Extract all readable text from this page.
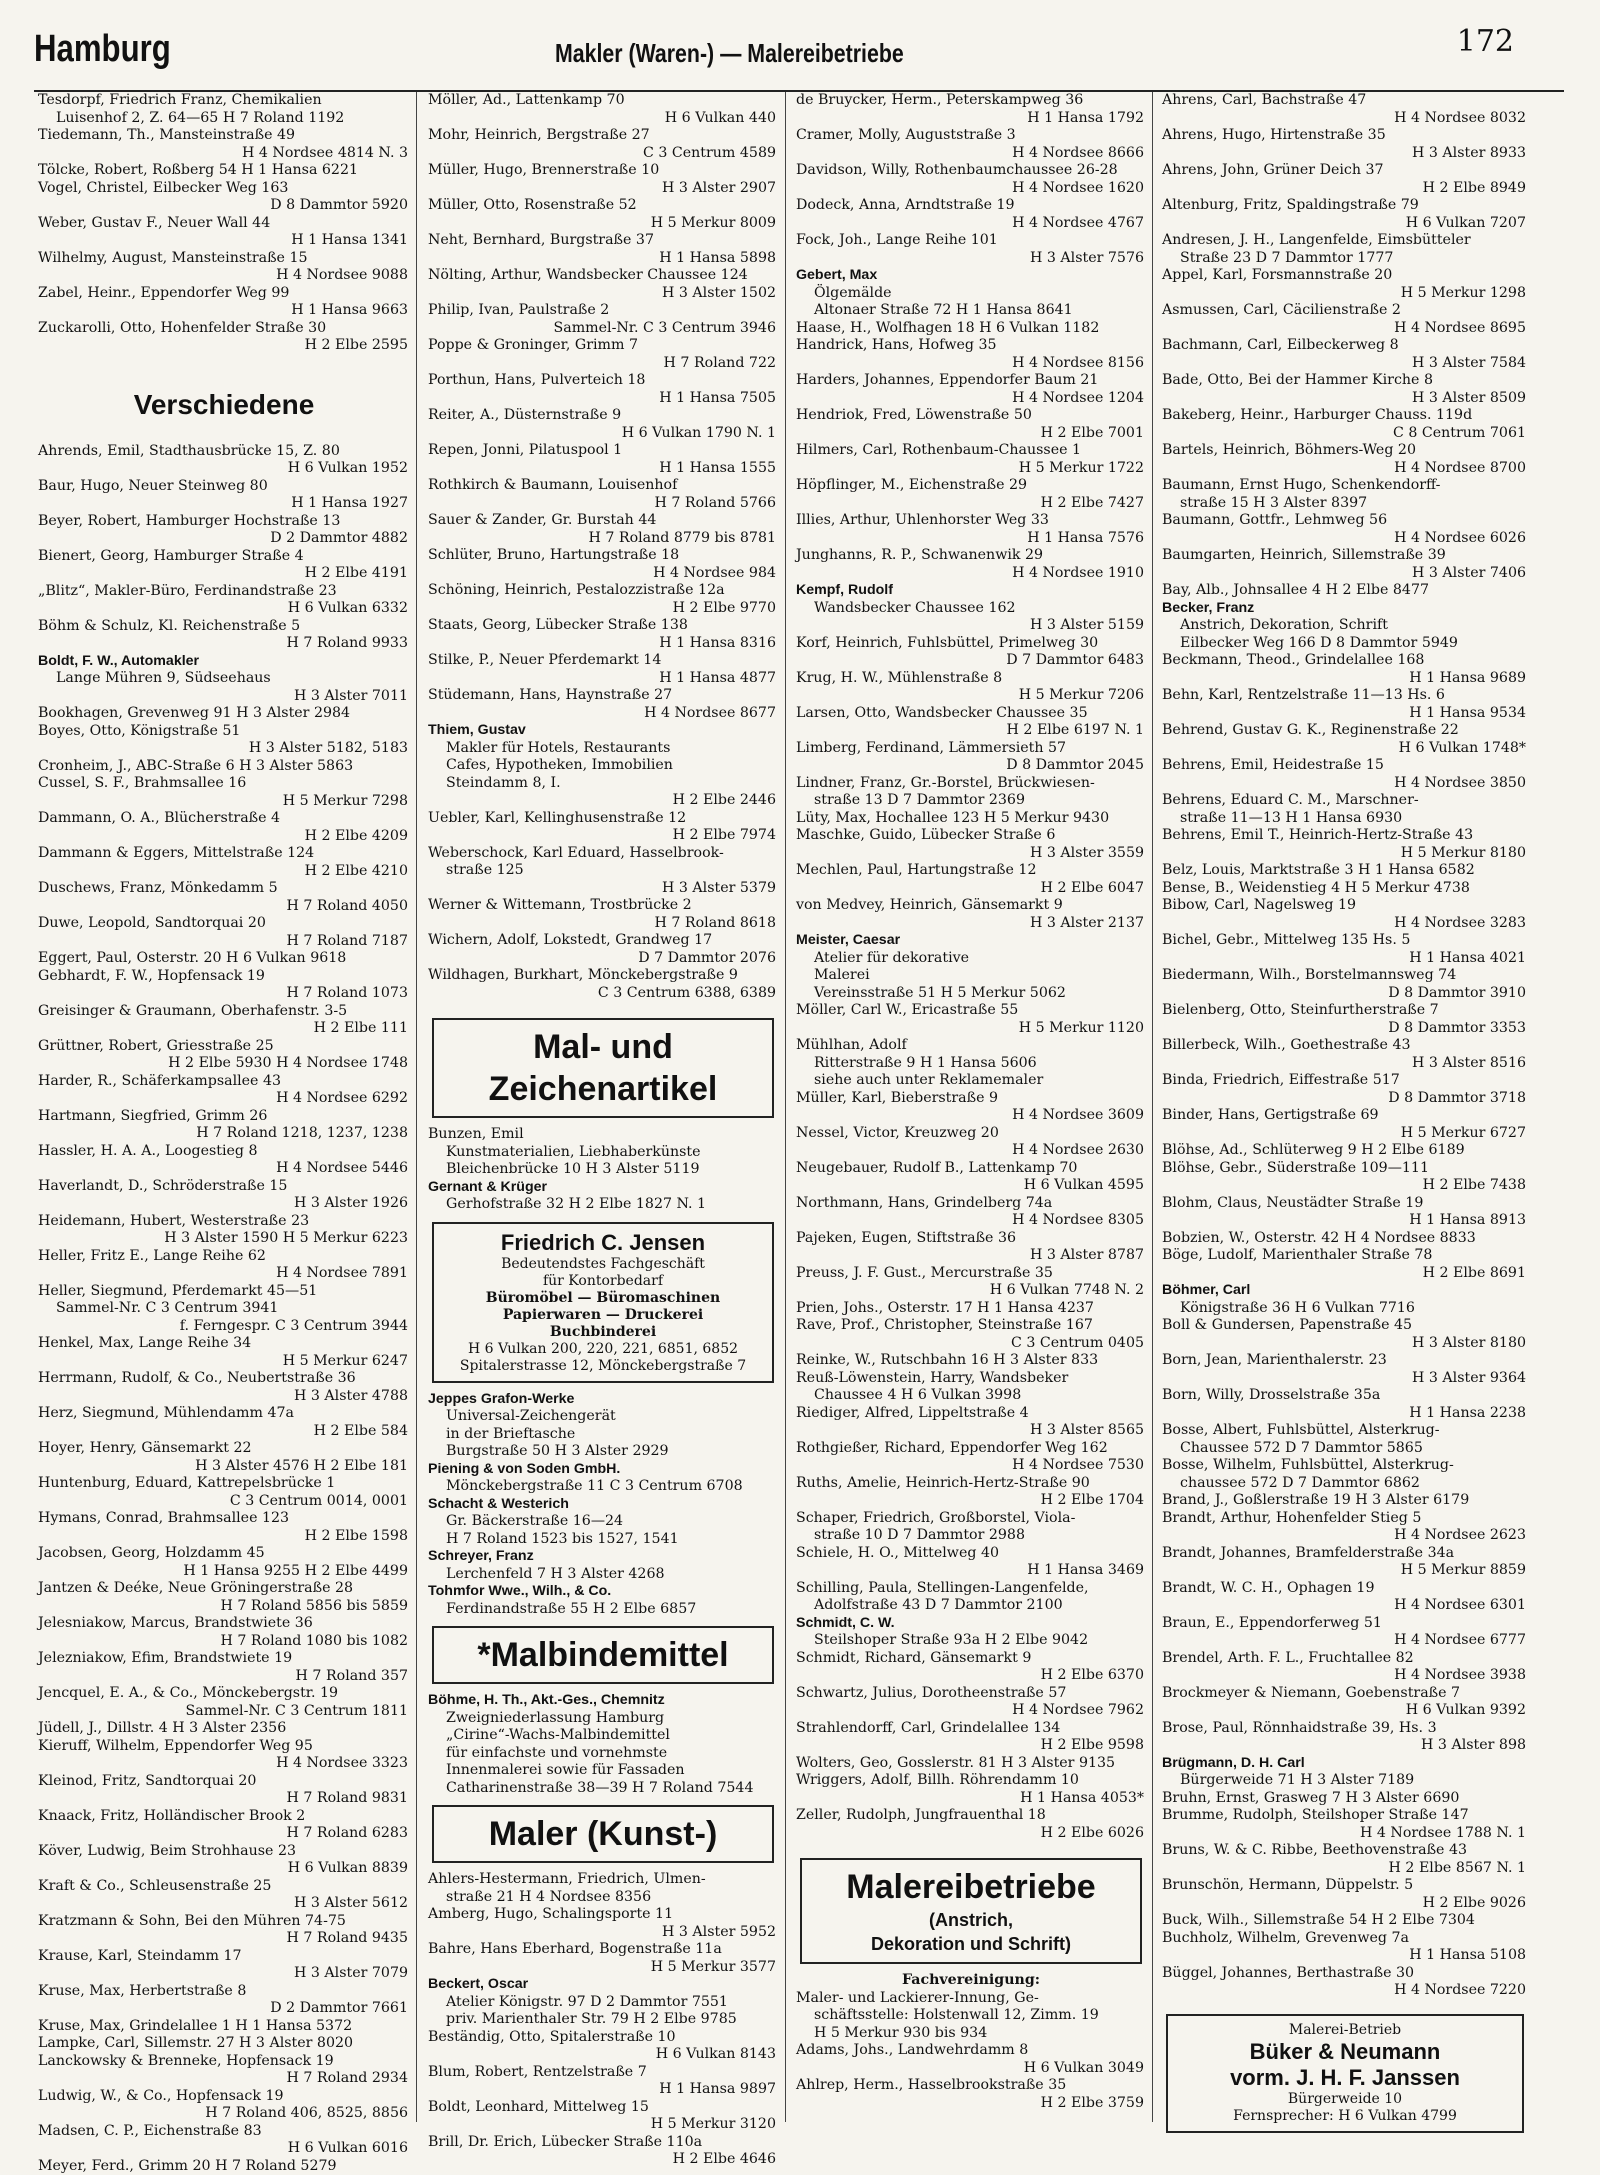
Hamburg	Makler (Waren-) — Malereibetriebe	172
Tesdorpf, Friedrich Franz, Chemikalien
Luisenhof 2, Z. 64—65 H 7 Roland 1192
Tiedemann, Th., Mansteinstraße 49
H 4 Nordsee 4814 N. 3
Tölcke, Robert, Roßberg 54 H 1 Hansa 6221
Vogel, Christel, Eilbecker Weg 163
D 8 Dammtor 5920
Weber, Gustav F., Neuer Wall 44
H 1 Hansa 1341
Wilhelmy, August, Mansteinstraße 15
H 4 Nordsee 9088
Zabel, Heinr., Eppendorfer Weg 99
H 1 Hansa 9663
Zuckarolli, Otto, Hohenfelder Straße 30
H 2 Elbe 2595
Verschiedene
Ahrends, Emil, Stadthausbrücke 15, Z. 80
H 6 Vulkan 1952
Baur, Hugo, Neuer Steinweg 80
H 1 Hansa 1927
Beyer, Robert, Hamburger Hochstraße 13
D 2 Dammtor 4882
Bienert, Georg, Hamburger Straße 4
H 2 Elbe 4191
„Blitz“, Makler-Büro, Ferdinandstraße 23
H 6 Vulkan 6332
Böhm & Schulz, Kl. Reichenstraße 5
H 7 Roland 9933
Boldt, F. W., Automakler
Lange Mühren 9, Südseehaus
H 3 Alster 7011
Bookhagen, Grevenweg 91 H 3 Alster 2984
Boyes, Otto, Königstraße 51
H 3 Alster 5182, 5183
Cronheim, J., ABC-Straße 6 H 3 Alster 5863
Cussel, S. F., Brahmsallee 16
H 5 Merkur 7298
Dammann, O. A., Blücherstraße 4
H 2 Elbe 4209
Dammann & Eggers, Mittelstraße 124
H 2 Elbe 4210
Duschews, Franz, Mönkedamm 5
H 7 Roland 4050
Duwe, Leopold, Sandtorquai 20
H 7 Roland 7187
Eggert, Paul, Osterstr. 20 H 6 Vulkan 9618
Gebhardt, F. W., Hopfensack 19
H 7 Roland 1073
Greisinger & Graumann, Oberhafenstr. 3-5
H 2 Elbe 111
Grüttner, Robert, Griesstraße 25
H 2 Elbe 5930 H 4 Nordsee 1748
Harder, R., Schäferkampsallee 43
H 4 Nordsee 6292
Hartmann, Siegfried, Grimm 26
H 7 Roland 1218, 1237, 1238
Hassler, H. A. A., Loogestieg 8
H 4 Nordsee 5446
Haverlandt, D., Schröderstraße 15
H 3 Alster 1926
Heidemann, Hubert, Westerstraße 23
H 3 Alster 1590 H 5 Merkur 6223
Heller, Fritz E., Lange Reihe 62
H 4 Nordsee 7891
Heller, Siegmund, Pferdemarkt 45—51
Sammel-Nr. C 3 Centrum 3941
f. Ferngespr. C 3 Centrum 3944
Henkel, Max, Lange Reihe 34
H 5 Merkur 6247
Herrmann, Rudolf, & Co., Neubertstraße 36
H 3 Alster 4788
Herz, Siegmund, Mühlendamm 47a
H 2 Elbe 584
Hoyer, Henry, Gänsemarkt 22
H 3 Alster 4576 H 2 Elbe 181
Huntenburg, Eduard, Kattrepelsbrücke 1
C 3 Centrum 0014, 0001
Hymans, Conrad, Brahmsallee 123
H 2 Elbe 1598
Jacobsen, Georg, Holzdamm 45
H 1 Hansa 9255 H 2 Elbe 4499
Jantzen & Deéke, Neue Gröningerstraße 28
H 7 Roland 5856 bis 5859
Jelesniakow, Marcus, Brandstwiete 36
H 7 Roland 1080 bis 1082
Jelezniakow, Efim, Brandstwiete 19
H 7 Roland 357
Jencquel, E. A., & Co., Mönckebergstr. 19
Sammel-Nr. C 3 Centrum 1811
Jüdell, J., Dillstr. 4 H 3 Alster 2356
Kieruff, Wilhelm, Eppendorfer Weg 95
H 4 Nordsee 3323
Kleinod, Fritz, Sandtorquai 20
H 7 Roland 9831
Knaack, Fritz, Holländischer Brook 2
H 7 Roland 6283
Köver, Ludwig, Beim Strohhause 23
H 6 Vulkan 8839
Kraft & Co., Schleusenstraße 25
H 3 Alster 5612
Kratzmann & Sohn, Bei den Mühren 74-75
H 7 Roland 9435
Krause, Karl, Steindamm 17
H 3 Alster 7079
Kruse, Max, Herbertstraße 8
D 2 Dammtor 7661
Kruse, Max, Grindelallee 1 H 1 Hansa 5372
Lampke, Carl, Sillemstr. 27 H 3 Alster 8020
Lanckowsky & Brenneke, Hopfensack 19
H 7 Roland 2934
Ludwig, W., & Co., Hopfensack 19
H 7 Roland 406, 8525, 8856
Madsen, C. P., Eichenstraße 83
H 6 Vulkan 6016
Meyer, Ferd., Grimm 20 H 7 Roland 5279
Möller, Ad., Lattenkamp 70
H 6 Vulkan 440
Mohr, Heinrich, Bergstraße 27
C 3 Centrum 4589
Müller, Hugo, Brennerstraße 10
H 3 Alster 2907
Müller, Otto, Rosenstraße 52
H 5 Merkur 8009
Neht, Bernhard, Burgstraße 37
H 1 Hansa 5898
Nölting, Arthur, Wandsbecker Chaussee 124
H 3 Alster 1502
Philip, Ivan, Paulstraße 2
Sammel-Nr. C 3 Centrum 3946
Poppe & Groninger, Grimm 7
H 7 Roland 722
Porthun, Hans, Pulverteich 18
H 1 Hansa 7505
Reiter, A., Düsternstraße 9
H 6 Vulkan 1790 N. 1
Repen, Jonni, Pilatuspool 1
H 1 Hansa 1555
Rothkirch & Baumann, Louisenhof
H 7 Roland 5766
Sauer & Zander, Gr. Burstah 44
H 7 Roland 8779 bis 8781
Schlüter, Bruno, Hartungstraße 18
H 4 Nordsee 984
Schöning, Heinrich, Pestalozzistraße 12a
H 2 Elbe 9770
Staats, Georg, Lübecker Straße 138
H 1 Hansa 8316
Stilke, P., Neuer Pferdemarkt 14
H 1 Hansa 4877
Stüdemann, Hans, Haynstraße 27
H 4 Nordsee 8677
Thiem, Gustav
Makler für Hotels, Restaurants
Cafes, Hypotheken, Immobilien
Steindamm 8, I.
H 2 Elbe 2446
Uebler, Karl, Kellinghusenstraße 12
H 2 Elbe 7974
Weberschock, Karl Eduard, Hasselbrook-
straße 125
H 3 Alster 5379
Werner & Wittemann, Trostbrücke 2
H 7 Roland 8618
Wichern, Adolf, Lokstedt, Grandweg 17
D 7 Dammtor 2076
Wildhagen, Burkhart, Mönckebergstraße 9
C 3 Centrum 6388, 6389
Mal- und Zeichenartikel
Bunzen, Emil
Kunstmaterialien, Liebhaberkünste
Bleichenbrücke 10 H 3 Alster 5119
Gernant & Krüger
Gerhofstraße 32 H 2 Elbe 1827 N. 1
Friedrich C. Jensen
Bedeutendstes Fachgeschäft
für Kontorbedarf
Büromöbel — Büromaschinen
Papierwaren — Druckerei
Buchbinderei
H 6 Vulkan 200, 220, 221, 6851, 6852
Spitalerstrasse 12, Mönckebergstraße 7
Jeppes Grafon-Werke
Universal-Zeichengerät
in der Brieftasche
Burgstraße 50 H 3 Alster 2929
Piening & von Soden GmbH.
Mönckebergstraße 11 C 3 Centrum 6708
Schacht & Westerich
Gr. Bäckerstraße 16—24
H 7 Roland 1523 bis 1527, 1541
Schreyer, Franz
Lerchenfeld 7 H 3 Alster 4268
Tohmfor Wwe., Wilh., & Co.
Ferdinandstraße 55 H 2 Elbe 6857
*Malbindemittel
Böhme, H. Th., Akt.-Ges., Chemnitz
Zweigniederlassung Hamburg
„Cirine“-Wachs-Malbindemittel
für einfachste und vornehmste
Innenmalerei sowie für Fassaden
Catharinenstraße 38—39 H 7 Roland 7544
Maler (Kunst-)
Ahlers-Hestermann, Friedrich, Ulmen-
straße 21 H 4 Nordsee 8356
Amberg, Hugo, Schalingsporte 11
H 3 Alster 5952
Bahre, Hans Eberhard, Bogenstraße 11a
H 5 Merkur 3577
Beckert, Oscar
Atelier Königstr. 97 D 2 Dammtor 7551
priv. Marienthaler Str. 79 H 2 Elbe 9785
Beständig, Otto, Spitalerstraße 10
H 6 Vulkan 8143
Blum, Robert, Rentzelstraße 7
H 1 Hansa 9897
Boldt, Leonhard, Mittelweg 15
H 5 Merkur 3120
Brill, Dr. Erich, Lübecker Straße 110a
H 2 Elbe 4646
de Bruycker, Herm., Peterskampweg 36
H 1 Hansa 1792
Cramer, Molly, Auguststraße 3
H 4 Nordsee 8666
Davidson, Willy, Rothenbaumchaussee 26-28
H 4 Nordsee 1620
Dodeck, Anna, Arndtstraße 19
H 4 Nordsee 4767
Fock, Joh., Lange Reihe 101
H 3 Alster 7576
Gebert, Max
Ölgemälde
Altonaer Straße 72 H 1 Hansa 8641
Haase, H., Wolfhagen 18 H 6 Vulkan 1182
Handrick, Hans, Hofweg 35
H 4 Nordsee 8156
Harders, Johannes, Eppendorfer Baum 21
H 4 Nordsee 1204
Hendriok, Fred, Löwenstraße 50
H 2 Elbe 7001
Hilmers, Carl, Rothenbaum-Chaussee 1
H 5 Merkur 1722
Höpflinger, M., Eichenstraße 29
H 2 Elbe 7427
Illies, Arthur, Uhlenhorster Weg 33
H 1 Hansa 7576
Junghanns, R. P., Schwanenwik 29
H 4 Nordsee 1910
Kempf, Rudolf
Wandsbecker Chaussee 162
H 3 Alster 5159
Korf, Heinrich, Fuhlsbüttel, Primelweg 30
D 7 Dammtor 6483
Krug, H. W., Mühlenstraße 8
H 5 Merkur 7206
Larsen, Otto, Wandsbecker Chaussee 35
H 2 Elbe 6197 N. 1
Limberg, Ferdinand, Lämmersieth 57
D 8 Dammtor 2045
Lindner, Franz, Gr.-Borstel, Brückwiesen-
straße 13 D 7 Dammtor 2369
Lüty, Max, Hochallee 123 H 5 Merkur 9430
Maschke, Guido, Lübecker Straße 6
H 3 Alster 3559
Mechlen, Paul, Hartungstraße 12
H 2 Elbe 6047
von Medvey, Heinrich, Gänsemarkt 9
H 3 Alster 2137
Meister, Caesar
Atelier für dekorative
Malerei
Vereinsstraße 51 H 5 Merkur 5062
Möller, Carl W., Ericastraße 55
H 5 Merkur 1120
Mühlhan, Adolf
Ritterstraße 9 H 1 Hansa 5606
siehe auch unter Reklamemaler
Müller, Karl, Bieberstraße 9
H 4 Nordsee 3609
Nessel, Victor, Kreuzweg 20
H 4 Nordsee 2630
Neugebauer, Rudolf B., Lattenkamp 70
H 6 Vulkan 4595
Northmann, Hans, Grindelberg 74a
H 4 Nordsee 8305
Pajeken, Eugen, Stiftstraße 36
H 3 Alster 8787
Preuss, J. F. Gust., Mercurstraße 35
H 6 Vulkan 7748 N. 2
Prien, Johs., Osterstr. 17 H 1 Hansa 4237
Rave, Prof., Christopher, Steinstraße 167
C 3 Centrum 0405
Reinke, W., Rutschbahn 16 H 3 Alster 833
Reuß-Löwenstein, Harry, Wandsbeker
Chaussee 4 H 6 Vulkan 3998
Riediger, Alfred, Lippeltstraße 4
H 3 Alster 8565
Rothgießer, Richard, Eppendorfer Weg 162
H 4 Nordsee 7530
Ruths, Amelie, Heinrich-Hertz-Straße 90
H 2 Elbe 1704
Schaper, Friedrich, Großborstel, Viola-
straße 10 D 7 Dammtor 2988
Schiele, H. O., Mittelweg 40
H 1 Hansa 3469
Schilling, Paula, Stellingen-Langenfelde,
Adolfstraße 43 D 7 Dammtor 2100
Schmidt, C. W.
Steilshoper Straße 93a H 2 Elbe 9042
Schmidt, Richard, Gänsemarkt 9
H 2 Elbe 6370
Schwartz, Julius, Dorotheenstraße 57
H 4 Nordsee 7962
Strahlendorff, Carl, Grindelallee 134
H 2 Elbe 9598
Wolters, Geo, Gosslerstr. 81 H 3 Alster 9135
Wriggers, Adolf, Billh. Röhrendamm 10
H 1 Hansa 4053*
Zeller, Rudolph, Jungfrauenthal 18
H 2 Elbe 6026
Malereibetriebe
(Anstrich,
Dekoration und Schrift)
Fachvereinigung:
Maler- und Lackierer-Innung, Ge-
schäftsstelle: Holstenwall 12, Zimm. 19
H 5 Merkur 930 bis 934
Adams, Johs., Landwehrdamm 8
H 6 Vulkan 3049
Ahlrep, Herm., Hasselbrookstraße 35
H 2 Elbe 3759
Ahrens, Carl, Bachstraße 47
H 4 Nordsee 8032
Ahrens, Hugo, Hirtenstraße 35
H 3 Alster 8933
Ahrens, John, Grüner Deich 37
H 2 Elbe 8949
Altenburg, Fritz, Spaldingstraße 79
H 6 Vulkan 7207
Andresen, J. H., Langenfelde, Eimsbütteler
Straße 23 D 7 Dammtor 1777
Appel, Karl, Forsmannstraße 20
H 5 Merkur 1298
Asmussen, Carl, Cäcilienstraße 2
H 4 Nordsee 8695
Bachmann, Carl, Eilbeckerweg 8
H 3 Alster 7584
Bade, Otto, Bei der Hammer Kirche 8
H 3 Alster 8509
Bakeberg, Heinr., Harburger Chauss. 119d
C 8 Centrum 7061
Bartels, Heinrich, Böhmers-Weg 20
H 4 Nordsee 8700
Baumann, Ernst Hugo, Schenkendorff-
straße 15 H 3 Alster 8397
Baumann, Gottfr., Lehmweg 56
H 4 Nordsee 6026
Baumgarten, Heinrich, Sillemstraße 39
H 3 Alster 7406
Bay, Alb., Johnsallee 4 H 2 Elbe 8477
Becker, Franz
Anstrich, Dekoration, Schrift
Eilbecker Weg 166 D 8 Dammtor 5949
Beckmann, Theod., Grindelallee 168
H 1 Hansa 9689
Behn, Karl, Rentzelstraße 11—13 Hs. 6
H 1 Hansa 9534
Behrend, Gustav G. K., Reginenstraße 22
H 6 Vulkan 1748*
Behrens, Emil, Heidestraße 15
H 4 Nordsee 3850
Behrens, Eduard C. M., Marschner-
straße 11—13 H 1 Hansa 6930
Behrens, Emil T., Heinrich-Hertz-Straße 43
H 5 Merkur 8180
Belz, Louis, Marktstraße 3 H 1 Hansa 6582
Bense, B., Weidenstieg 4 H 5 Merkur 4738
Bibow, Carl, Nagelsweg 19
H 4 Nordsee 3283
Bichel, Gebr., Mittelweg 135 Hs. 5
H 1 Hansa 4021
Biedermann, Wilh., Borstelmannsweg 74
D 8 Dammtor 3910
Bielenberg, Otto, Steinfurtherstraße 7
D 8 Dammtor 3353
Billerbeck, Wilh., Goethestraße 43
H 3 Alster 8516
Binda, Friedrich, Eiffestraße 517
D 8 Dammtor 3718
Binder, Hans, Gertigstraße 69
H 5 Merkur 6727
Blöhse, Ad., Schlüterweg 9 H 2 Elbe 6189
Blöhse, Gebr., Süderstraße 109—111
H 2 Elbe 7438
Blohm, Claus, Neustädter Straße 19
H 1 Hansa 8913
Bobzien, W., Osterstr. 42 H 4 Nordsee 8833
Böge, Ludolf, Marienthaler Straße 78
H 2 Elbe 8691
Böhmer, Carl
Königstraße 36 H 6 Vulkan 7716
Boll & Gundersen, Papenstraße 45
H 3 Alster 8180
Born, Jean, Marienthalerstr. 23
H 3 Alster 9364
Born, Willy, Drosselstraße 35a
H 1 Hansa 2238
Bosse, Albert, Fuhlsbüttel, Alsterkrug-
Chaussee 572 D 7 Dammtor 5865
Bosse, Wilhelm, Fuhlsbüttel, Alsterkrug-
chaussee 572 D 7 Dammtor 6862
Brand, J., Goßlerstraße 19 H 3 Alster 6179
Brandt, Arthur, Hohenfelder Stieg 5
H 4 Nordsee 2623
Brandt, Johannes, Bramfelderstraße 34a
H 5 Merkur 8859
Brandt, W. C. H., Ophagen 19
H 4 Nordsee 6301
Braun, E., Eppendorferweg 51
H 4 Nordsee 6777
Brendel, Arth. F. L., Fruchtallee 82
H 4 Nordsee 3938
Brockmeyer & Niemann, Goebenstraße 7
H 6 Vulkan 9392
Brose, Paul, Rönnhaidstraße 39, Hs. 3
H 3 Alster 898
Brügmann, D. H. Carl
Bürgerweide 71 H 3 Alster 7189
Bruhn, Ernst, Grasweg 7 H 3 Alster 6690
Brumme, Rudolph, Steilshoper Straße 147
H 4 Nordsee 1788 N. 1
Bruns, W. & C. Ribbe, Beethovenstraße 43
H 2 Elbe 8567 N. 1
Brunschön, Hermann, Düppelstr. 5
H 2 Elbe 9026
Buck, Wilh., Sillemstraße 54 H 2 Elbe 7304
Buchholz, Wilhelm, Grevenweg 7a
H 1 Hansa 5108
Büggel, Johannes, Berthastraße 30
H 4 Nordsee 7220
Malerei-Betrieb
Büker & Neumann
vorm. J. H. F. Janssen
Bürgerweide 10
Fernsprecher: H 6 Vulkan 4799
